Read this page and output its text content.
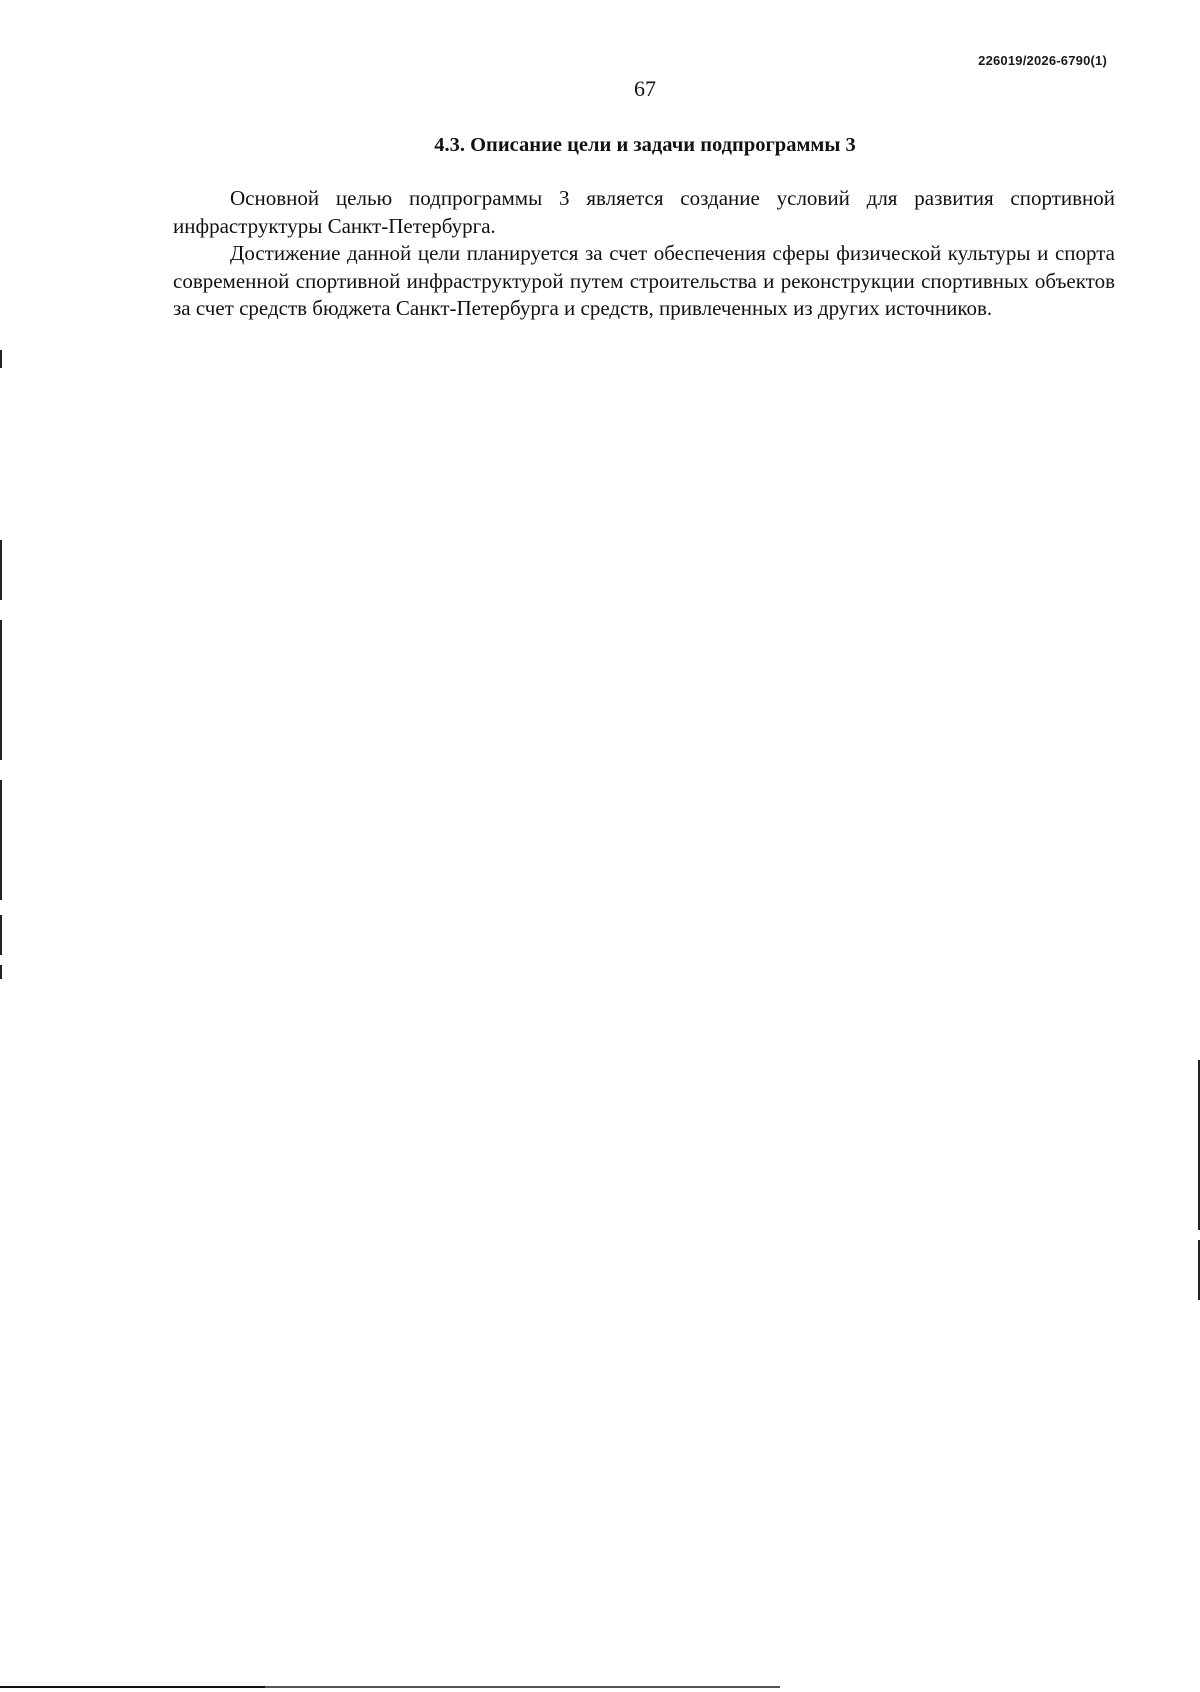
226019/2026-6790(1)
67
4.3. Описание цели и задачи подпрограммы 3

Основной целью подпрограммы 3 является создание условий для развития спортивной инфраструктуры Санкт-Петербурга.

Достижение данной цели планируется за счет обеспечения сферы физической культуры и спорта современной спортивной инфраструктурой путем строительства и реконструкции спортивных объектов за счет средств бюджета Санкт-Петербурга и средств, привлеченных из других источников.
